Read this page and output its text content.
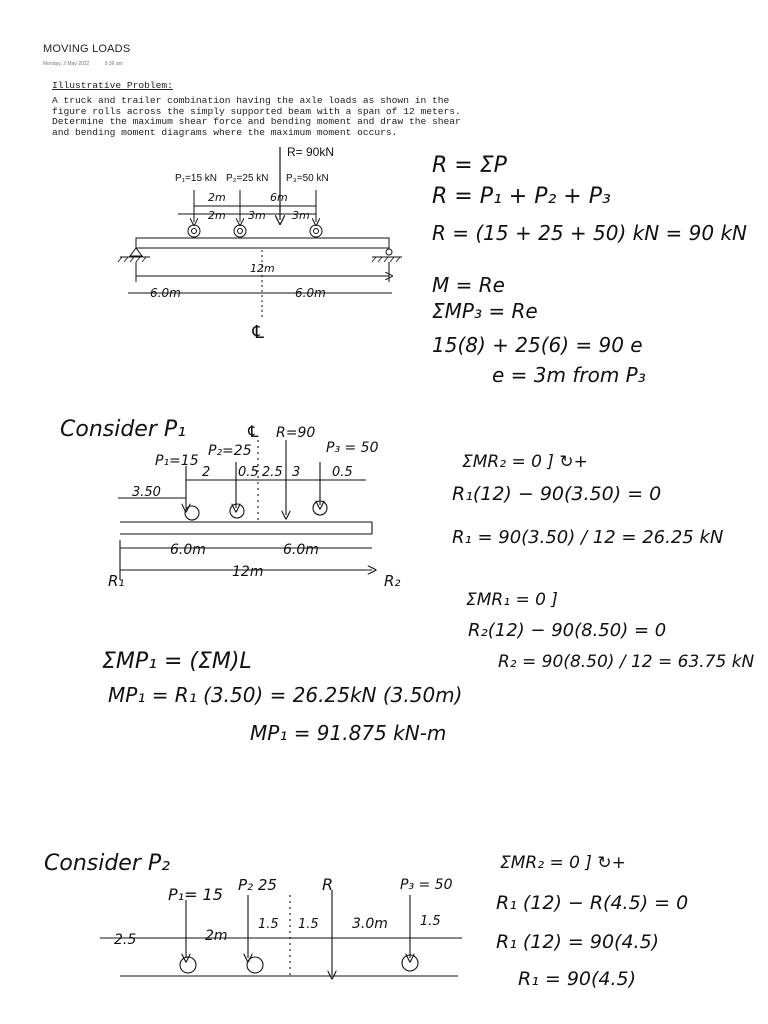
MOVING LOADS
Monday, 2 May 2022	9:36 am
Illustrative Problem:
A truck and trailer combination having the axle loads as shown in the
figure rolls across the simply supported beam with a span of 12 meters.
Determine the maximum shear force and bending moment and draw the shear
and bending moment diagrams where the maximum moment occurs.
R= 90kN
P₁=15 kN P₂=25 kN P₃=50 kN
2m	6m
2m 3m 3m
12m
6.0m	6.0m
℄
R = ΣP
R = P₁ + P₂ + P₃
R = (15 + 25 + 50) kN = 90 kN
M = Re
ΣMP₃ = Re
15(8) + 25(6) = 90 e
e = 3m from P₃
Consider P₁
P₁=15
P₂=25
℄ R=90
P₃ = 50
2 0.5 2.5 3 0.5
3.50
6.0m	6.0m
12m
R₁	R₂
ΣMR₂ = 0 ] ↻+
R₁(12) − 90(3.50) = 0
R₁ = 90(3.50) / 12 = 26.25 kN
ΣMR₁ = 0 ]
R₂(12) − 90(8.50) = 0
R₂ = 90(8.50) / 12 = 63.75 kN
ΣMP₁ = (ΣM)L
MP₁ = R₁ (3.50) = 26.25kN (3.50m)
MP₁ = 91.875 kN-m
Consider P₂
P₁= 15 P₂ 25	R	P₃ = 50
2.5	2m
1.5 1.5 3.0m 1.5
ΣMR₂ = 0 ] ↻+
R₁ (12) − R(4.5) = 0
R₁ (12) = 90(4.5)
R₁ = 90(4.5)
